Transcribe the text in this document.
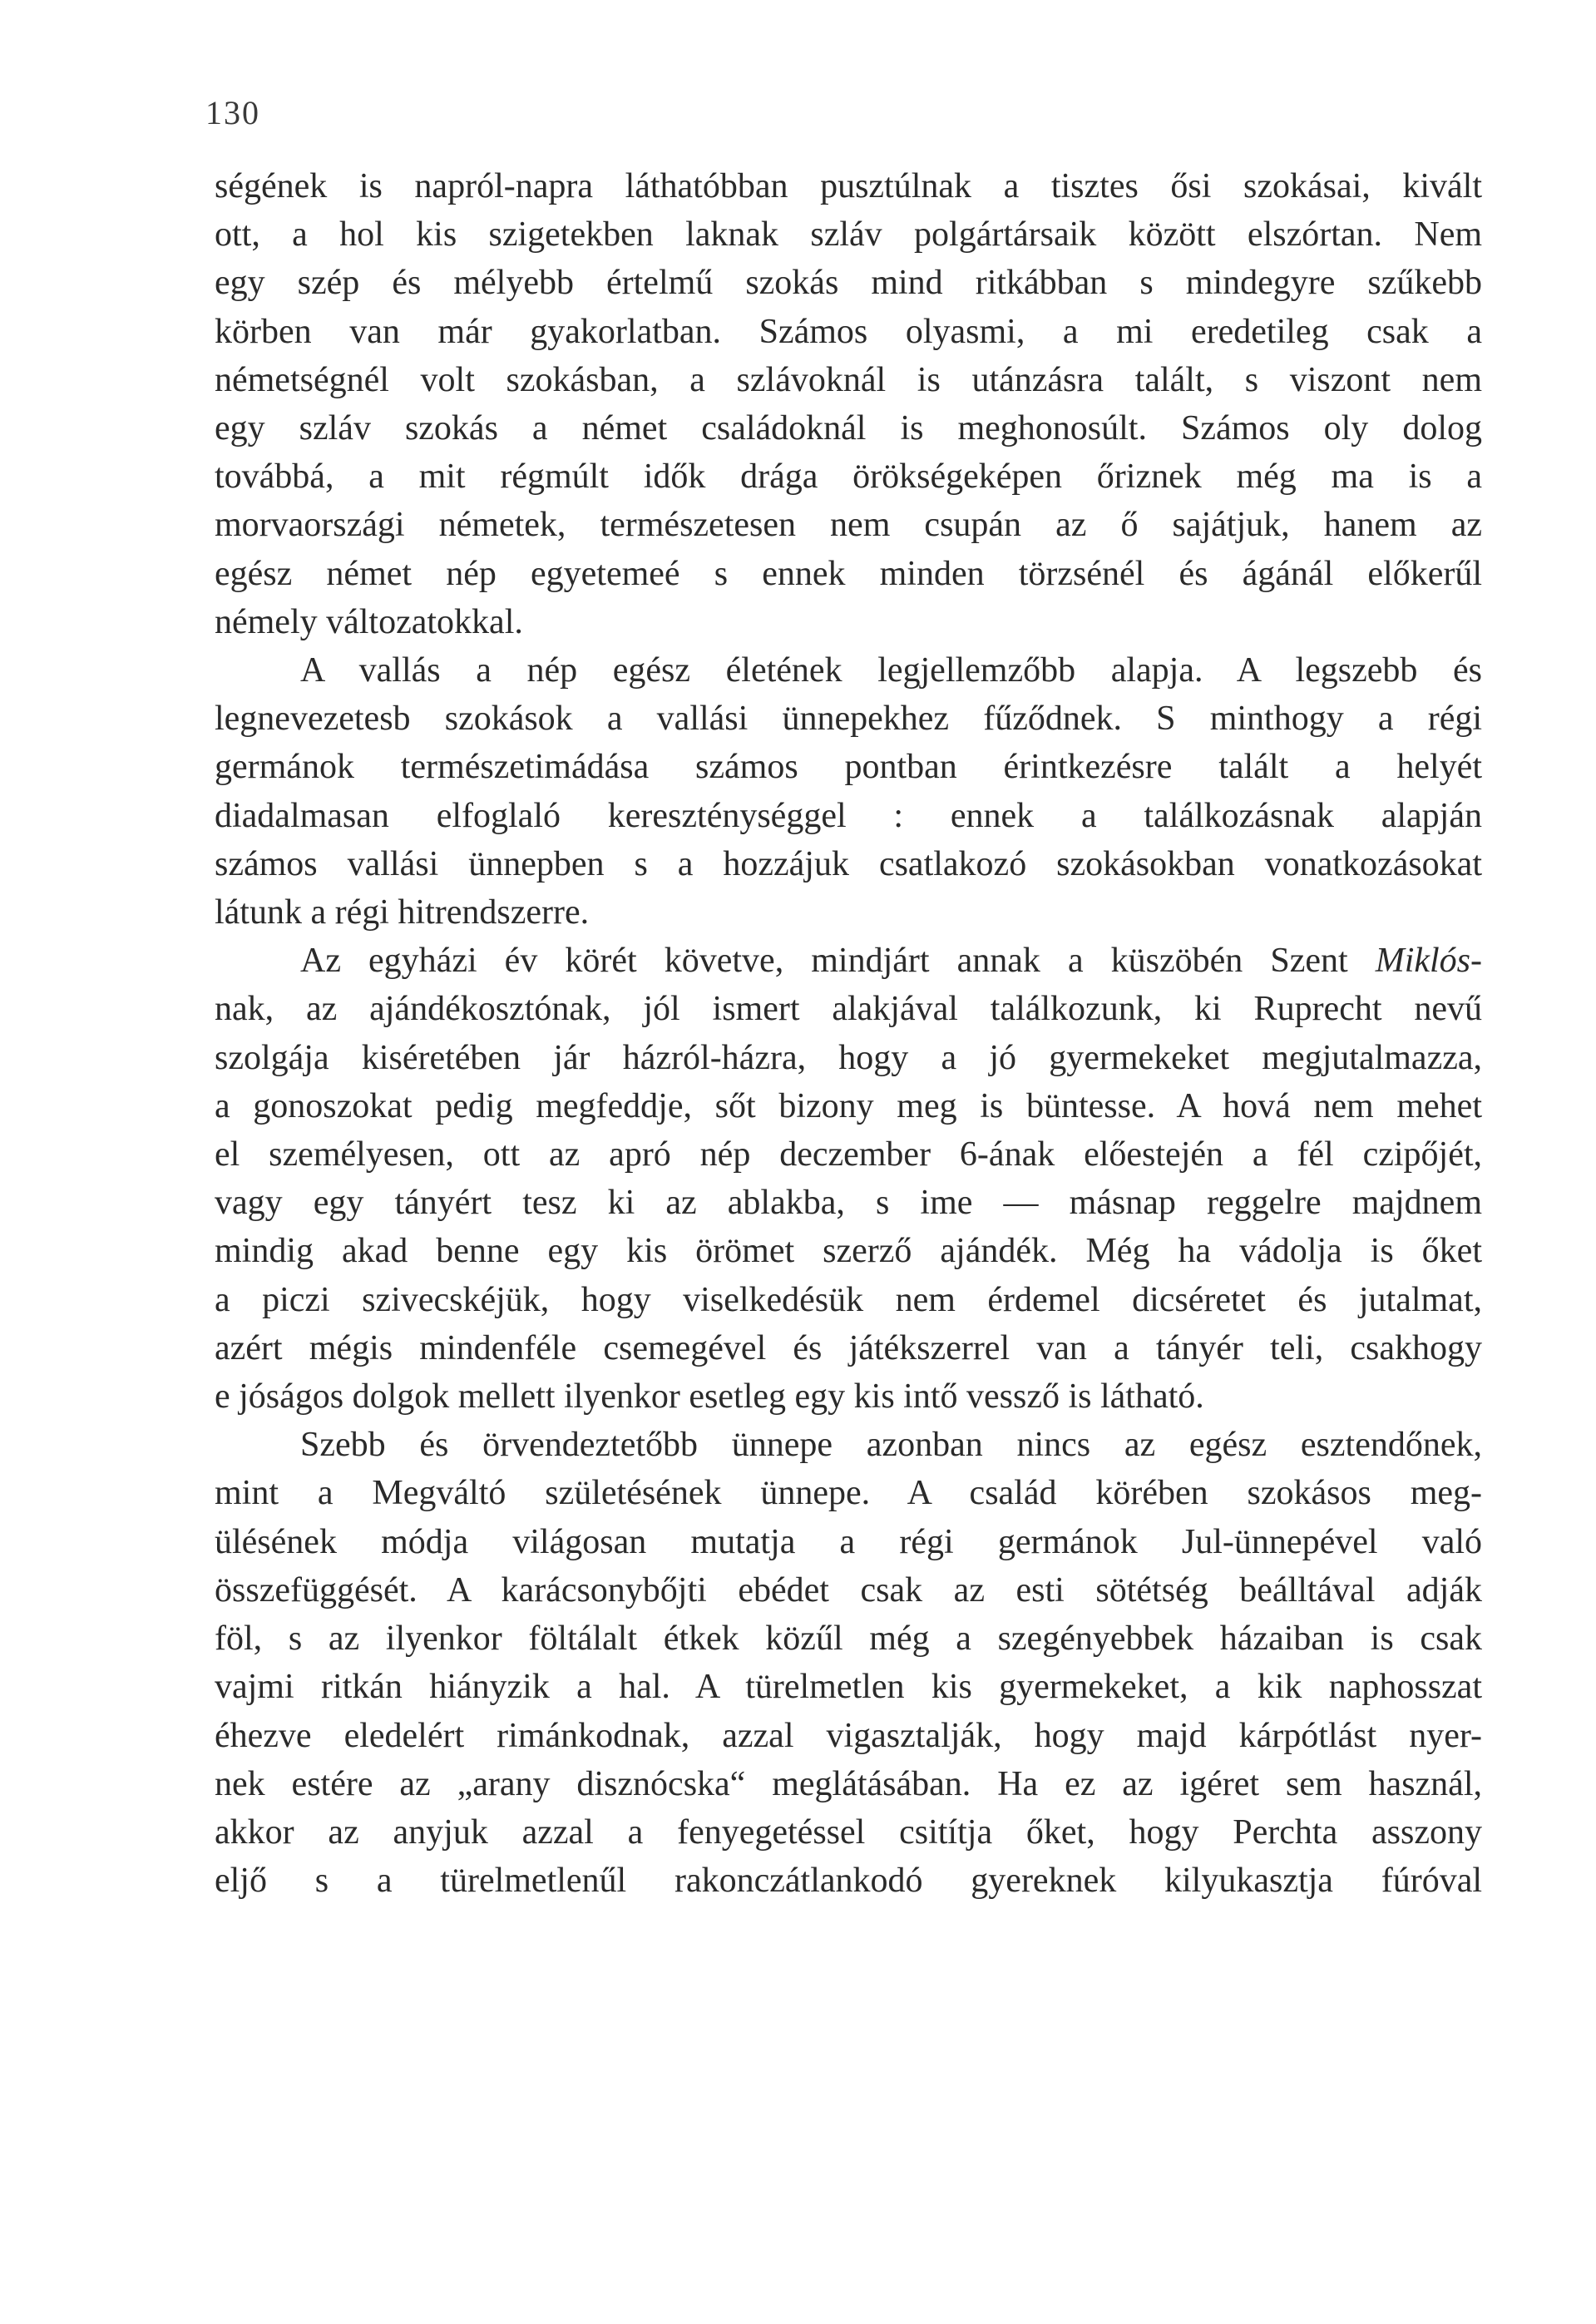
130

ségének is napról-napra láthatóbban pusztúlnak a tisztes ősi szokásai, kivált
ott, a hol kis szigetekben laknak szláv polgártársaik között elszórtan. Nem
egy szép és mélyebb értelmű szokás mind ritkábban s mindegyre szűkebb
körben van már gyakorlatban. Számos olyasmi, a mi eredetileg csak a
németségnél volt szokásban, a szlávoknál is utánzásra talált, s viszont nem
egy szláv szokás a német családoknál is meghonosúlt. Számos oly dolog
továbbá, a mit régmúlt idők drága örökségeképen őriznek még ma is a
morvaországi németek, természetesen nem csupán az ő sajátjuk, hanem az
egész német nép egyetemeé s ennek minden törzsénél és ágánál előkerűl
némely változatokkal.

A vallás a nép egész életének legjellemzőbb alapja. A legszebb és
legnevezetesb szokások a vallási ünnepekhez fűződnek. S minthogy a régi
germánok természetimádása számos pontban érintkezésre talált a helyét
diadalmasan elfoglaló kereszténységgel : ennek a találkozásnak alapján
számos vallási ünnepben s a hozzájuk csatlakozó szokásokban vonatkozásokat
látunk a régi hitrendszerre.

Az egyházi év körét követve, mindjárt annak a küszöbén Szent Miklós-
nak, az ajándékosztónak, jól ismert alakjával találkozunk, ki Ruprecht nevű
szolgája kiséretében jár házról-házra, hogy a jó gyermekeket megjutalmazza,
a gonoszokat pedig megfeddje, sőt bizony meg is büntesse. A hová nem mehet
el személyesen, ott az apró nép deczember 6-ának előestején a fél czipőjét,
vagy egy tányért tesz ki az ablakba, s ime — másnap reggelre majdnem
mindig akad benne egy kis örömet szerző ajándék. Még ha vádolja is őket
a piczi szivecskéjük, hogy viselkedésük nem érdemel dicséretet és jutalmat,
azért mégis mindenféle csemegével és játékszerrel van a tányér teli, csakhogy
e jóságos dolgok mellett ilyenkor esetleg egy kis intő vessző is látható.

Szebb és örvendeztetőbb ünnepe azonban nincs az egész esztendőnek,
mint a Megváltó születésének ünnepe. A család körében szokásos meg-
ülésének módja világosan mutatja a régi germánok Jul-ünnepével való
összefüggését. A karácsonybőjti ebédet csak az esti sötétség beálltával adják
föl, s az ilyenkor föltálalt étkek közűl még a szegényebbek házaiban is csak
vajmi ritkán hiányzik a hal. A türelmetlen kis gyermekeket, a kik naphosszat
éhezve eledelért rimánkodnak, azzal vigasztalják, hogy majd kárpótlást nyer-
nek estére az „arany disznócska“ meglátásában. Ha ez az igéret sem használ,
akkor az anyjuk azzal a fenyegetéssel csitítja őket, hogy Perchta asszony
eljő s a türelmetlenűl rakonczátlankodó gyereknek kilyukasztja fúróval
